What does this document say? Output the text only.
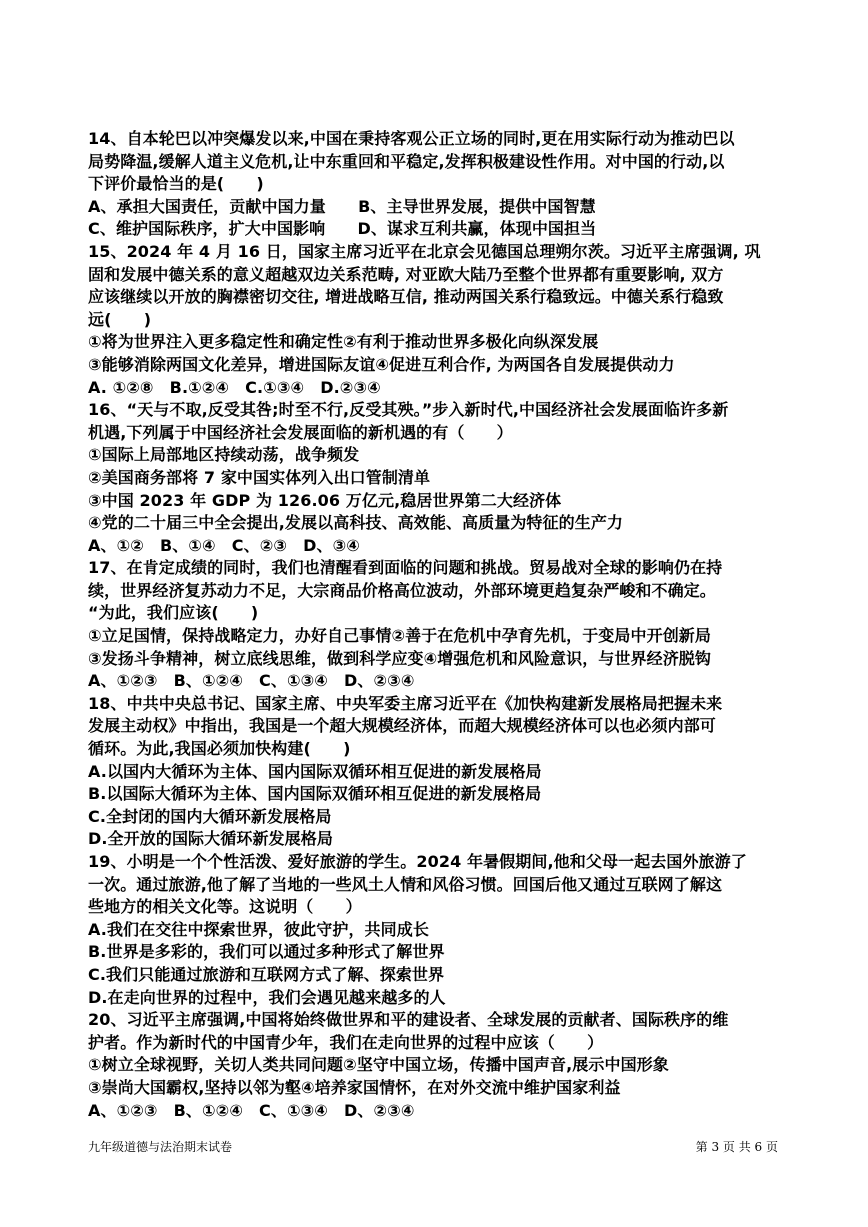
14、自本轮巴以冲突爆发以来,中国在秉持客观公正立场的同时,更在用实际行动为推动巴以
局势降温,缓解人道主义危机,让中东重回和平稳定,发挥积极建设性作用。对中国的行动,以
下评价最恰当的是(　　)
A、承担大国责任，贡献中国力量　　B、主导世界发展，提供中国智慧
C、维护国际秩序，扩大中国影响　　D、谋求互利共赢，体现中国担当
15、2024 年 4 月 16 日，国家主席习近平在北京会见德国总理朔尔茨。习近平主席强调, 巩
固和发展中德关系的意义超越双边关系范畴, 对亚欧大陆乃至整个世界都有重要影响, 双方
应该继续以开放的胸襟密切交往, 增进战略互信, 推动两国关系行稳致远。中德关系行稳致
远(　　)
①将为世界注入更多稳定性和确定性②有利于推动世界多极化向纵深发展
③能够消除两国文化差异，增进国际友谊④促进互利合作, 为两国各自发展提供动力
A. ①②⑧　B.①②④　C.①③④　D.②③④
16、“天与不取,反受其咎;时至不行,反受其殃。”步入新时代,中国经济社会发展面临许多新
机遇,下列属于中国经济社会发展面临的新机遇的有（　　）
①国际上局部地区持续动荡，战争频发
②美国商务部将 7 家中国实体列入出口管制清单
③中国 2023 年 GDP 为 126.06 万亿元,稳居世界第二大经济体
④党的二十届三中全会提出,发展以高科技、高效能、高质量为特征的生产力
A、①②　B、①④　C、②③　D、③④
17、在肯定成绩的同时，我们也清醒看到面临的问题和挑战。贸易战对全球的影响仍在持
续，世界经济复苏动力不足，大宗商品价格高位波动，外部环境更趋复杂严峻和不确定。
“为此，我们应该(　　)
①立足国情，保持战略定力，办好自己事情②善于在危机中孕育先机，于变局中开创新局
③发扬斗争精神，树立底线思维，做到科学应变④增强危机和风险意识，与世界经济脱钩
A、①②③　B、①②④　C、①③④　D、②③④
18、中共中央总书记、国家主席、中央军委主席习近平在《加快构建新发展格局把握未来
发展主动权》中指出，我国是一个超大规模经济体，而超大规模经济体可以也必须内部可
循环。为此,我国必须加快构建(　　)
A.以国内大循环为主体、国内国际双循环相互促进的新发展格局
B.以国际大循环为主体、国内国际双循环相互促进的新发展格局
C.全封闭的国内大循环新发展格局
D.全开放的国际大循环新发展格局
19、小明是一个个性活泼、爱好旅游的学生。2024 年暑假期间,他和父母一起去国外旅游了
一次。通过旅游,他了解了当地的一些风土人情和风俗习惯。回国后他又通过互联网了解这
些地方的相关文化等。这说明（　　）
A.我们在交往中探索世界，彼此守护，共同成长
B.世界是多彩的，我们可以通过多种形式了解世界
C.我们只能通过旅游和互联网方式了解、探索世界
D.在走向世界的过程中，我们会遇见越来越多的人
20、习近平主席强调,中国将始终做世界和平的建设者、全球发展的贡献者、国际秩序的维
护者。作为新时代的中国青少年，我们在走向世界的过程中应该（　　）
①树立全球视野，关切人类共同问题②坚守中国立场，传播中国声音,展示中国形象
③崇尚大国霸权,坚持以邻为壑④培养家国情怀，在对外交流中维护国家利益
A、①②③　B、①②④　C、①③④　D、②③④
九年级道德与法治期末试卷	第 3 页 共 6 页
